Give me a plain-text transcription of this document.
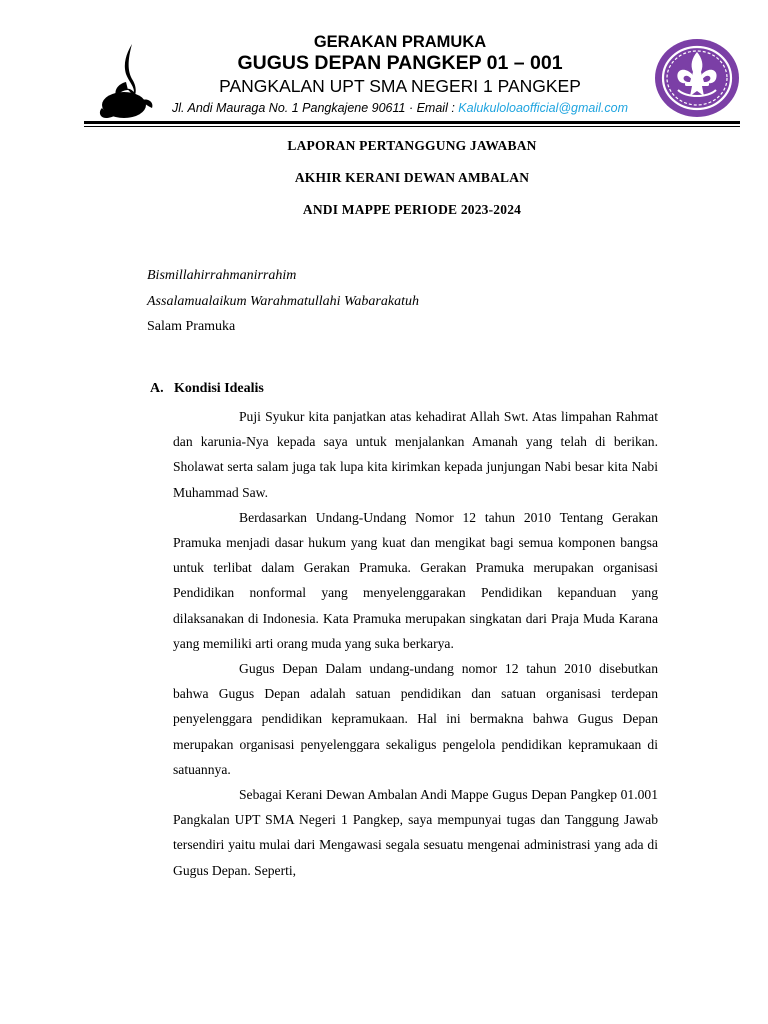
GERAKAN PRAMUKA
GUGUS DEPAN PANGKEP 01 – 001
PANGKALAN UPT SMA NEGERI 1 PANGKEP
Jl. Andi Mauraga No. 1 Pangkajene 90611 · Email : Kalukuloloaofficial@gmail.com
LAPORAN PERTANGGUNG JAWABAN
AKHIR KERANI DEWAN AMBALAN
ANDI MAPPE PERIODE 2023-2024
Bismillahirrahmanirrahim
Assalamualaikum Warahmatullahi Wabarakatuh
Salam Pramuka
A. Kondisi Idealis

Puji Syukur kita panjatkan atas kehadirat Allah Swt. Atas limpahan Rahmat dan karunia-Nya kepada saya untuk menjalankan Amanah yang telah di berikan. Sholawat serta salam juga tak lupa kita kirimkan kepada junjungan Nabi besar kita Nabi Muhammad Saw.

Berdasarkan Undang-Undang Nomor 12 tahun 2010 Tentang Gerakan Pramuka menjadi dasar hukum yang kuat dan mengikat bagi semua komponen bangsa untuk terlibat dalam Gerakan Pramuka. Gerakan Pramuka merupakan organisasi Pendidikan nonformal yang menyelenggarakan Pendidikan kepanduan yang dilaksanakan di Indonesia. Kata Pramuka merupakan singkatan dari Praja Muda Karana yang memiliki arti orang muda yang suka berkarya.

Gugus Depan Dalam undang-undang nomor 12 tahun 2010 disebutkan bahwa Gugus Depan adalah satuan pendidikan dan satuan organisasi terdepan penyelenggara pendidikan kepramukaan. Hal ini bermakna bahwa Gugus Depan merupakan organisasi penyelenggara sekaligus pengelola pendidikan kepramukaan di satuannya.

Sebagai Kerani Dewan Ambalan Andi Mappe Gugus Depan Pangkep 01.001 Pangkalan UPT SMA Negeri 1 Pangkep, saya mempunyai tugas dan Tanggung Jawab tersendiri yaitu mulai dari Mengawasi segala sesuatu mengenai administrasi yang ada di Gugus Depan. Seperti,
